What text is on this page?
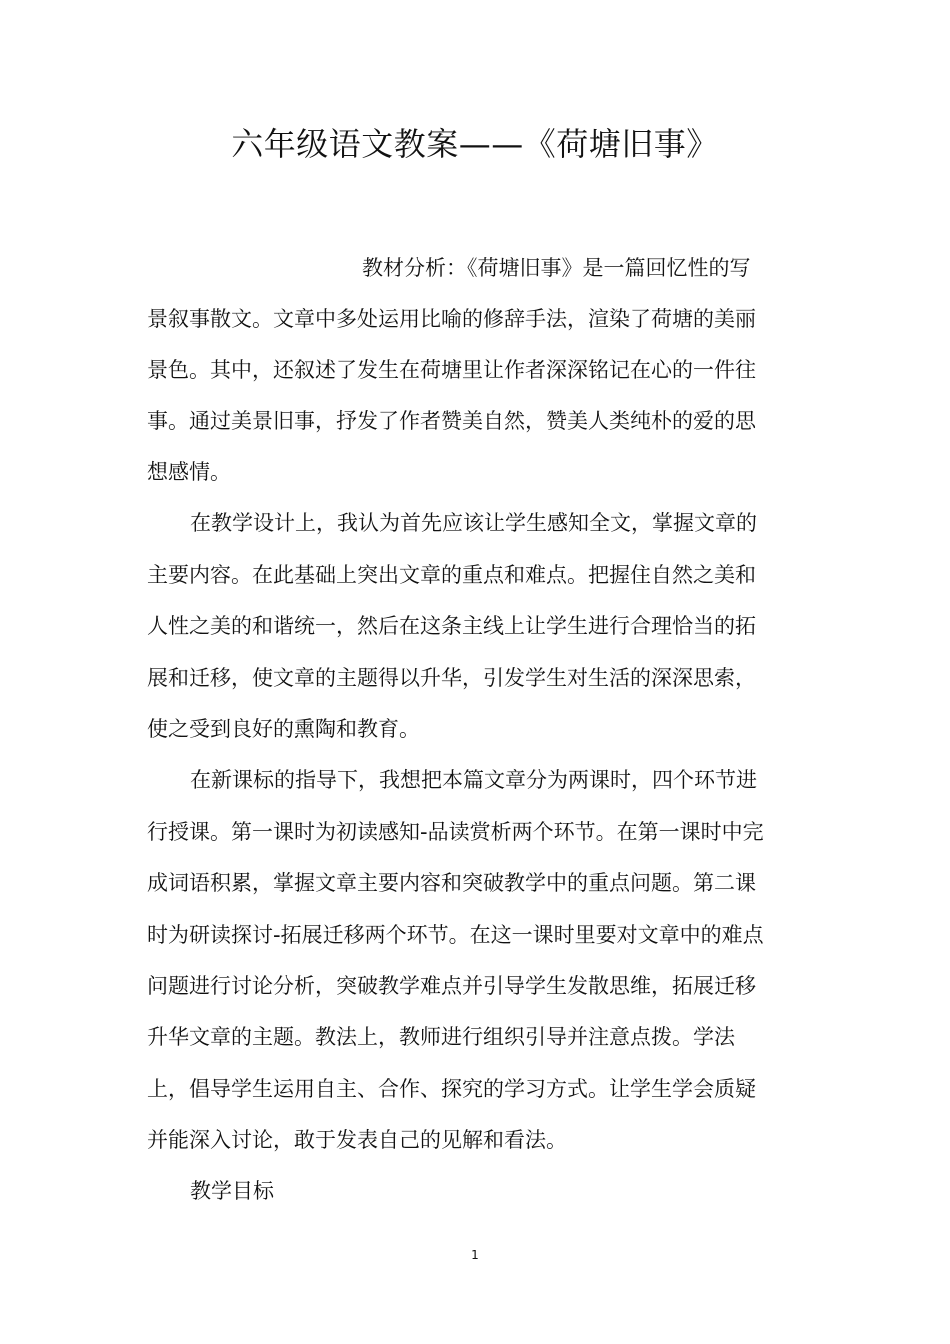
六年级语文教案——《荷塘旧事》
教材分析：《荷塘旧事》是一篇回忆性的写
景叙事散文。文章中多处运用比喻的修辞手法，渲染了荷塘的美丽
景色。其中，还叙述了发生在荷塘里让作者深深铭记在心的一件往
事。通过美景旧事，抒发了作者赞美自然，赞美人类纯朴的爱的思
想感情。
在教学设计上，我认为首先应该让学生感知全文，掌握文章的
主要内容。在此基础上突出文章的重点和难点。把握住自然之美和
人性之美的和谐统一，然后在这条主线上让学生进行合理恰当的拓
展和迁移，使文章的主题得以升华，引发学生对生活的深深思索，
使之受到良好的熏陶和教育。
在新课标的指导下，我想把本篇文章分为两课时，四个环节进
行授课。第一课时为初读感知-品读赏析两个环节。在第一课时中完
成词语积累，掌握文章主要内容和突破教学中的重点问题。第二课
时为研读探讨-拓展迁移两个环节。在这一课时里要对文章中的难点
问题进行讨论分析，突破教学难点并引导学生发散思维，拓展迁移
升华文章的主题。教法上，教师进行组织引导并注意点拨。学法
上，倡导学生运用自主、合作、探究的学习方式。让学生学会质疑
并能深入讨论，敢于发表自己的见解和看法。
教学目标
1
